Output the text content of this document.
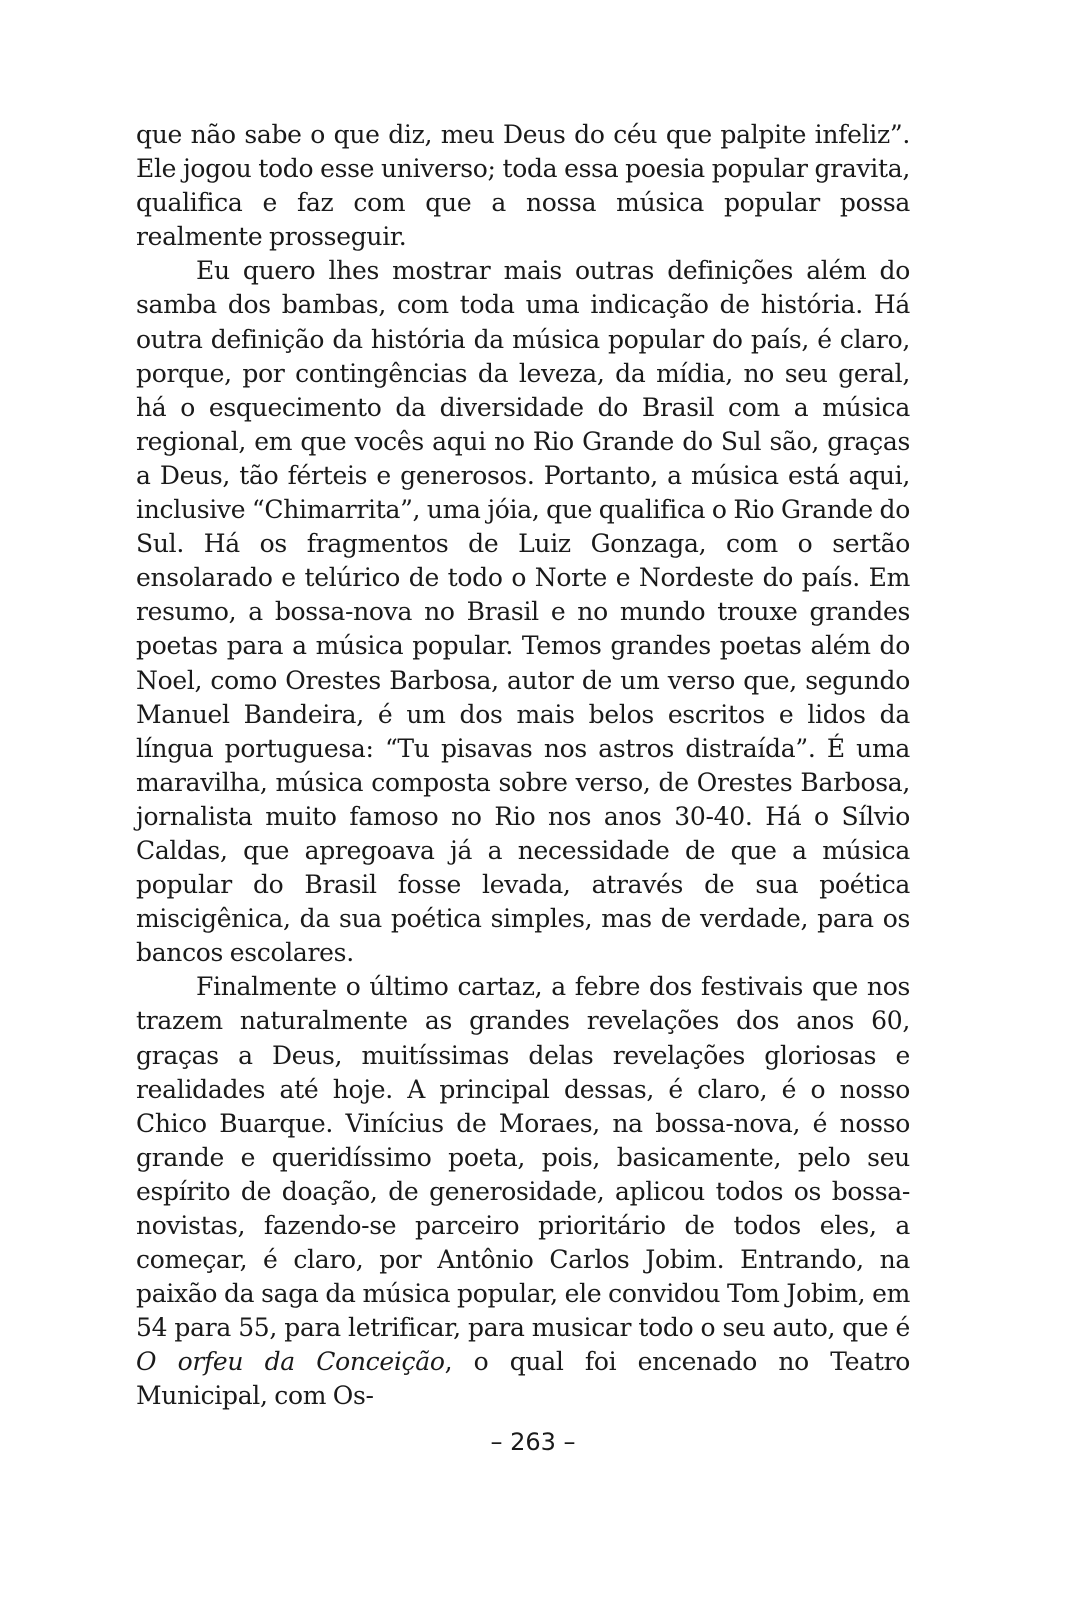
que não sabe o que diz, meu Deus do céu que palpite infeliz”. Ele jogou todo esse universo; toda essa poesia popular gravita, qualifica e faz com que a nossa música popular possa realmente prosseguir.

Eu quero lhes mostrar mais outras definições além do samba dos bambas, com toda uma indicação de história. Há outra definição da história da música popular do país, é claro, porque, por contingências da leveza, da mídia, no seu geral, há o esquecimento da diversidade do Brasil com a música regional, em que vocês aqui no Rio Grande do Sul são, graças a Deus, tão férteis e generosos. Portanto, a música está aqui, inclusive “Chimarrita”, uma jóia, que qualifica o Rio Grande do Sul. Há os fragmentos de Luiz Gonzaga, com o sertão ensolarado e telúrico de todo o Norte e Nordeste do país. Em resumo, a bossa-nova no Brasil e no mundo trouxe grandes poetas para a música popular. Temos grandes poetas além do Noel, como Orestes Barbosa, autor de um verso que, segundo Manuel Bandeira, é um dos mais belos escritos e lidos da língua portuguesa: “Tu pisavas nos astros distraída”. É uma maravilha, música composta sobre verso, de Orestes Barbosa, jornalista muito famoso no Rio nos anos 30-40. Há o Sílvio Caldas, que apregoava já a necessidade de que a música popular do Brasil fosse levada, através de sua poética miscigênica, da sua poética simples, mas de verdade, para os bancos escolares.

Finalmente o último cartaz, a febre dos festivais que nos trazem naturalmente as grandes revelações dos anos 60, graças a Deus, muitíssimas delas revelações gloriosas e realidades até hoje. A principal dessas, é claro, é o nosso Chico Buarque. Vinícius de Moraes, na bossa-nova, é nosso grande e queridíssimo poeta, pois, basicamente, pelo seu espírito de doação, de generosidade, aplicou todos os bossa-novistas, fazendo-se parceiro prioritário de todos eles, a começar, é claro, por Antônio Carlos Jobim. Entrando, na paixão da saga da música popular, ele convidou Tom Jobim, em 54 para 55, para letrificar, para musicar todo o seu auto, que é O orfeu da Conceição, o qual foi encenado no Teatro Municipal, com Os-

– 263 –
